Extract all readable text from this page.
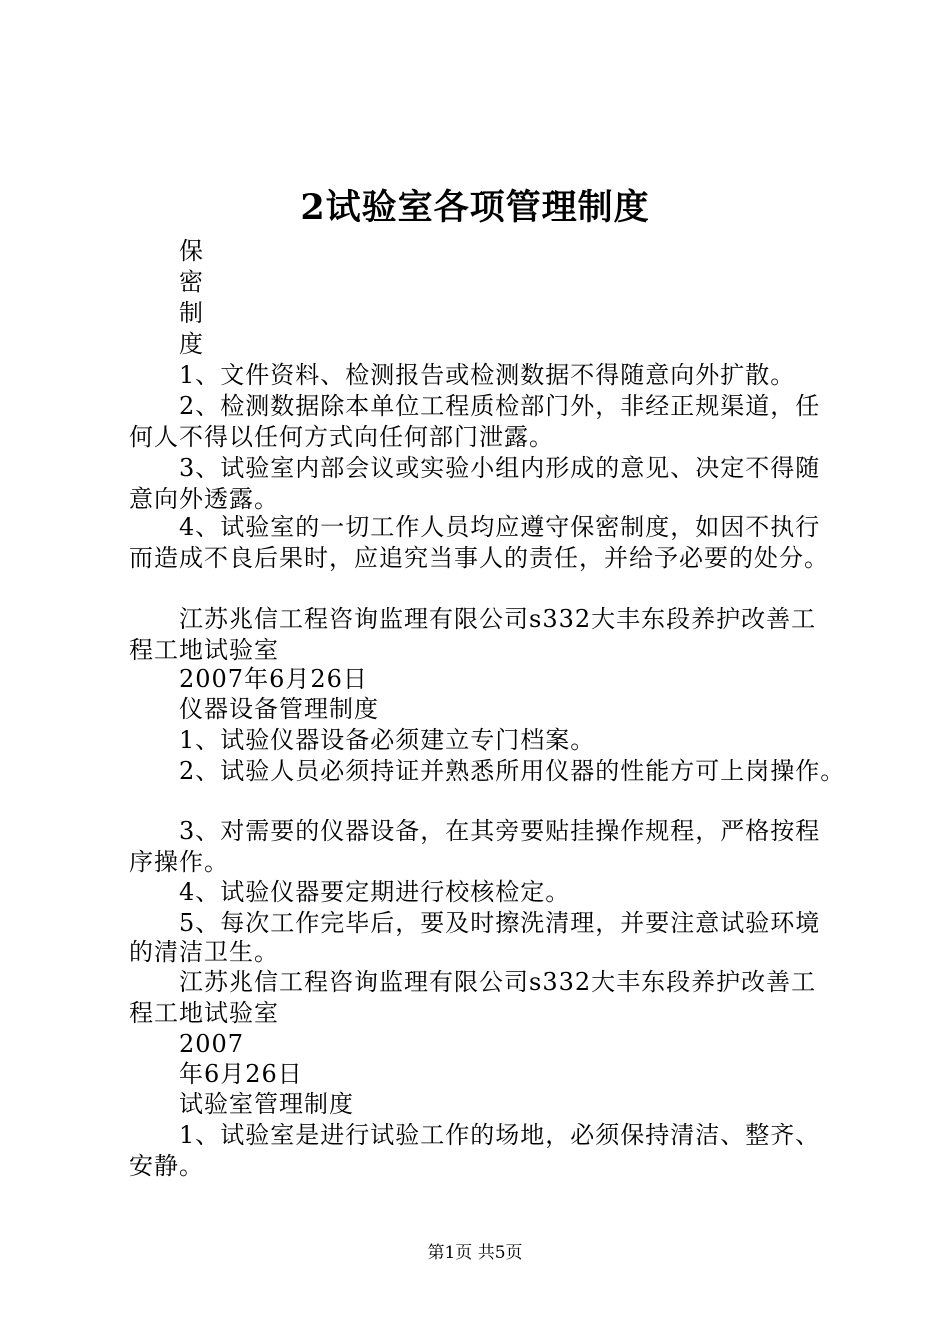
2试验室各项管理制度
保
密
制
度
1、文件资料、检测报告或检测数据不得随意向外扩散。
2、检测数据除本单位工程质检部门外，非经正规渠道，任
何人不得以任何方式向任何部门泄露。
3、试验室内部会议或实验小组内形成的意见、决定不得随
意向外透露。
4、试验室的一切工作人员均应遵守保密制度，如因不执行
而造成不良后果时，应追究当事人的责任，并给予必要的处分。
江苏兆信工程咨询监理有限公司s332大丰东段养护改善工
程工地试验室
2007年6月26日
仪器设备管理制度
1、试验仪器设备必须建立专门档案。
2、试验人员必须持证并熟悉所用仪器的性能方可上岗操作。
3、对需要的仪器设备，在其旁要贴挂操作规程，严格按程
序操作。
4、试验仪器要定期进行校核检定。
5、每次工作完毕后，要及时擦洗清理，并要注意试验环境
的清洁卫生。
江苏兆信工程咨询监理有限公司s332大丰东段养护改善工
程工地试验室
2007
年6月26日
试验室管理制度
1、试验室是进行试验工作的场地，必须保持清洁、整齐、
安静。
第1页 共5页
